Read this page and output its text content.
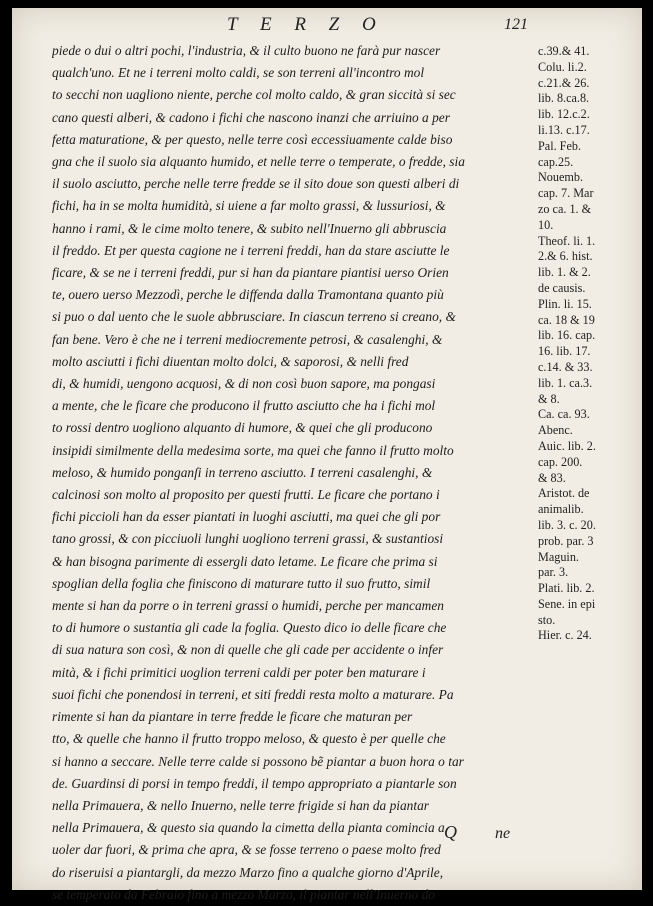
T E R Z O	121
piede o dui o altri pochi, l'industria, & il culto buono ne farà pur nascer
qualch'uno. Et ne i terreni molto caldi, se son terreni all'incontro mol
to secchi non uagliono niente, perche col molto caldo, & gran siccità si sec
cano questi alberi, & cadono i fichi che nascono inanzi che arriuino a per
fetta maturatione, & per questo, nelle terre così eccessiuamente calde biso
gna che il suolo sia alquanto humido, et nelle terre o temperate, o fredde, sia
il suolo asciutto, perche nelle terre fredde se il sito doue son questi alberi di
fichi, ha in se molta humidità, si uiene a far molto grassi, & lussuriosi, &
hanno i rami, & le cime molto tenere, & subito nell'Inuerno gli abbrusciа
il freddo. Et per questa cagione ne i terreni freddi, han da stare asciutte le
ficare, & se ne i terreni freddi, pur si han da piantare piantisi uerso Orien
te, ouero uerso Mezzodì, perche le diffenda dalla Tramontana quanto più
si puo o dal uento che le suole abbrusciare. In ciascun terreno si creano, &
fan bene. Vero è che ne i terreni mediocremente petrosi, & casalenghi, &
molto asciutti i fichi diuentan molto dolci, & saporosi, & nelli fred
di, & humidi, uengono acquosi, & di non così buon sapore, ma pongasi
a mente, che le ficare che producono il frutto asciutto che ha i fichi mol
to rossi dentro uogliono alquanto di humore, & quei che gli producono
insipidi similmente della medesima sorte, ma quei che fanno il frutto molto
meloso, & humido ponganſi in terreno asciutto. I terreni casalenghi, &
calcinosi son molto al proposito per questi frutti. Le ficare che portano i
fichi piccioli han da esser piantati in luoghi asciutti, ma quei che gli por
tano grossi, & con picciuoli lunghi uogliono terreni grassi, & sustantiosi
& han bisogna parimente di essergli dato letame. Le ficare che prima si
spoglian della foglia che finiscono di maturare tutto il suo frutto, simil
mente si han da porre o in terreni grassi o humidi, perche per mancamen
to di humore o sustantia gli cade la foglia. Questo dico io delle ficare che
di sua natura son così, & non di quelle che gli cade per accidente o infer
mità, & i fichi primitici uoglion terreni caldi per poter ben maturare i
suoi fichi che ponendosi in terreni, et siti freddi resta molto a maturare. Pa
rimente si han da piantare in terre fredde le ficare che maturan per
tto, & quelle che hanno il frutto troppo meloso, & questo è per quelle che
si hanno a seccare. Nelle terre calde si possono bẽ piantar a buon hora o tar
de. Guardinsi di porsi in tempo freddi, il tempo appropriato a piantarle son
nella Primauera, & nello Inuerno, nelle terre frigide si han da piantar
nella Primauera, & questo sia quando la cimetta della pianta comincia a
uoler dar fuori, & prima che apra, & se fosse terreno o paese molto fred
do riseruisi a piantargli, da mezzo Marzo fino a qualche giorno d'Aprile,
se temperato da Febraio fino a mezzo Marzo, il piantar nell'Inuerno do
c.39.& 41.
Colu. li.2.
c.21.& 26.
lib. 8.ca.8.
lib. 12.c.2.
li.13. c.17.
Pal. Feb.
cap.25.
Nouemb.
cap. 7. Mar
zo ca. 1. &
10.
Theof. li. 1.
2.& 6. hist.
lib. 1. & 2.
de causis.
Plin. li. 15.
ca. 18 & 19
lib. 16. cap.
16. lib. 17.
c.14. & 33.
lib. 1. ca.3.
& 8.
Ca. ca. 93.
Abenc.
Auic. lib. 2.
cap. 200.
& 83.
Aristot. de
animalib.
lib. 3. c. 20.
prob. par. 3
Maguin.
par. 3.
Plati. lib. 2.
Sene. in epi
sto.
Hier. c. 24.
Q ne
